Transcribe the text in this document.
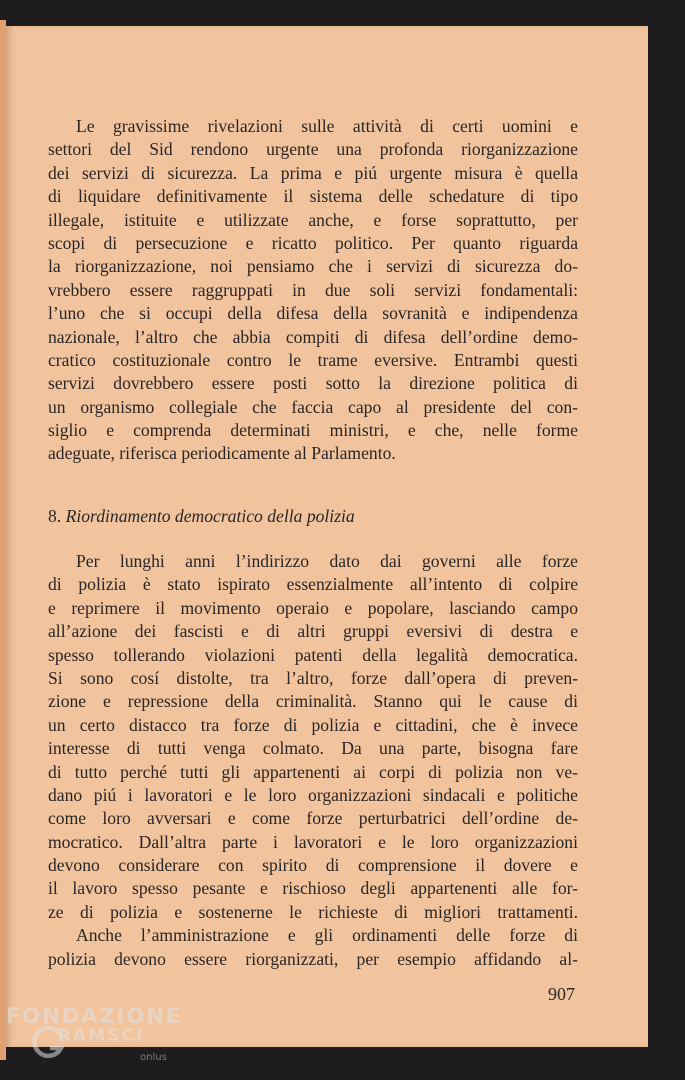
Le gravissime rivelazioni sulle attività di certi uomini e
settori del Sid rendono urgente una profonda riorganizzazione
dei servizi di sicurezza. La prima e piú urgente misura è quella
di liquidare definitivamente il sistema delle schedature di tipo
illegale, istituite e utilizzate anche, e forse soprattutto, per
scopi di persecuzione e ricatto politico. Per quanto riguarda
la riorganizzazione, noi pensiamo che i servizi di sicurezza do-
vrebbero essere raggruppati in due soli servizi fondamentali:
l’uno che si occupi della difesa della sovranità e indipendenza
nazionale, l’altro che abbia compiti di difesa dell’ordine demo-
cratico costituzionale contro le trame eversive. Entrambi questi
servizi dovrebbero essere posti sotto la direzione politica di
un organismo collegiale che faccia capo al presidente del con-
siglio e comprenda determinati ministri, e che, nelle forme
adeguate, riferisca periodicamente al Parlamento.
8. Riordinamento democratico della polizia
Per lunghi anni l’indirizzo dato dai governi alle forze
di polizia è stato ispirato essenzialmente all’intento di colpire
e reprimere il movimento operaio e popolare, lasciando campo
all’azione dei fascisti e di altri gruppi eversivi di destra e
spesso tollerando violazioni patenti della legalità democratica.
Si sono cosí distolte, tra l’altro, forze dall’opera di preven-
zione e repressione della criminalità. Stanno qui le cause di
un certo distacco tra forze di polizia e cittadini, che è invece
interesse di tutti venga colmato. Da una parte, bisogna fare
di tutto perché tutti gli appartenenti ai corpi di polizia non ve-
dano piú i lavoratori e le loro organizzazioni sindacali e politiche
come loro avversari e come forze perturbatrici dell’ordine de-
mocratico. Dall’altra parte i lavoratori e le loro organizzazioni
devono considerare con spirito di comprensione il dovere e
il lavoro spesso pesante e rischioso degli appartenenti alle for-
ze di polizia e sostenerne le richieste di migliori trattamenti.
Anche l’amministrazione e gli ordinamenti delle forze di
polizia devono essere riorganizzati, per esempio affidando al-
907
FONDAZIONE
RAMSCI
onlus
